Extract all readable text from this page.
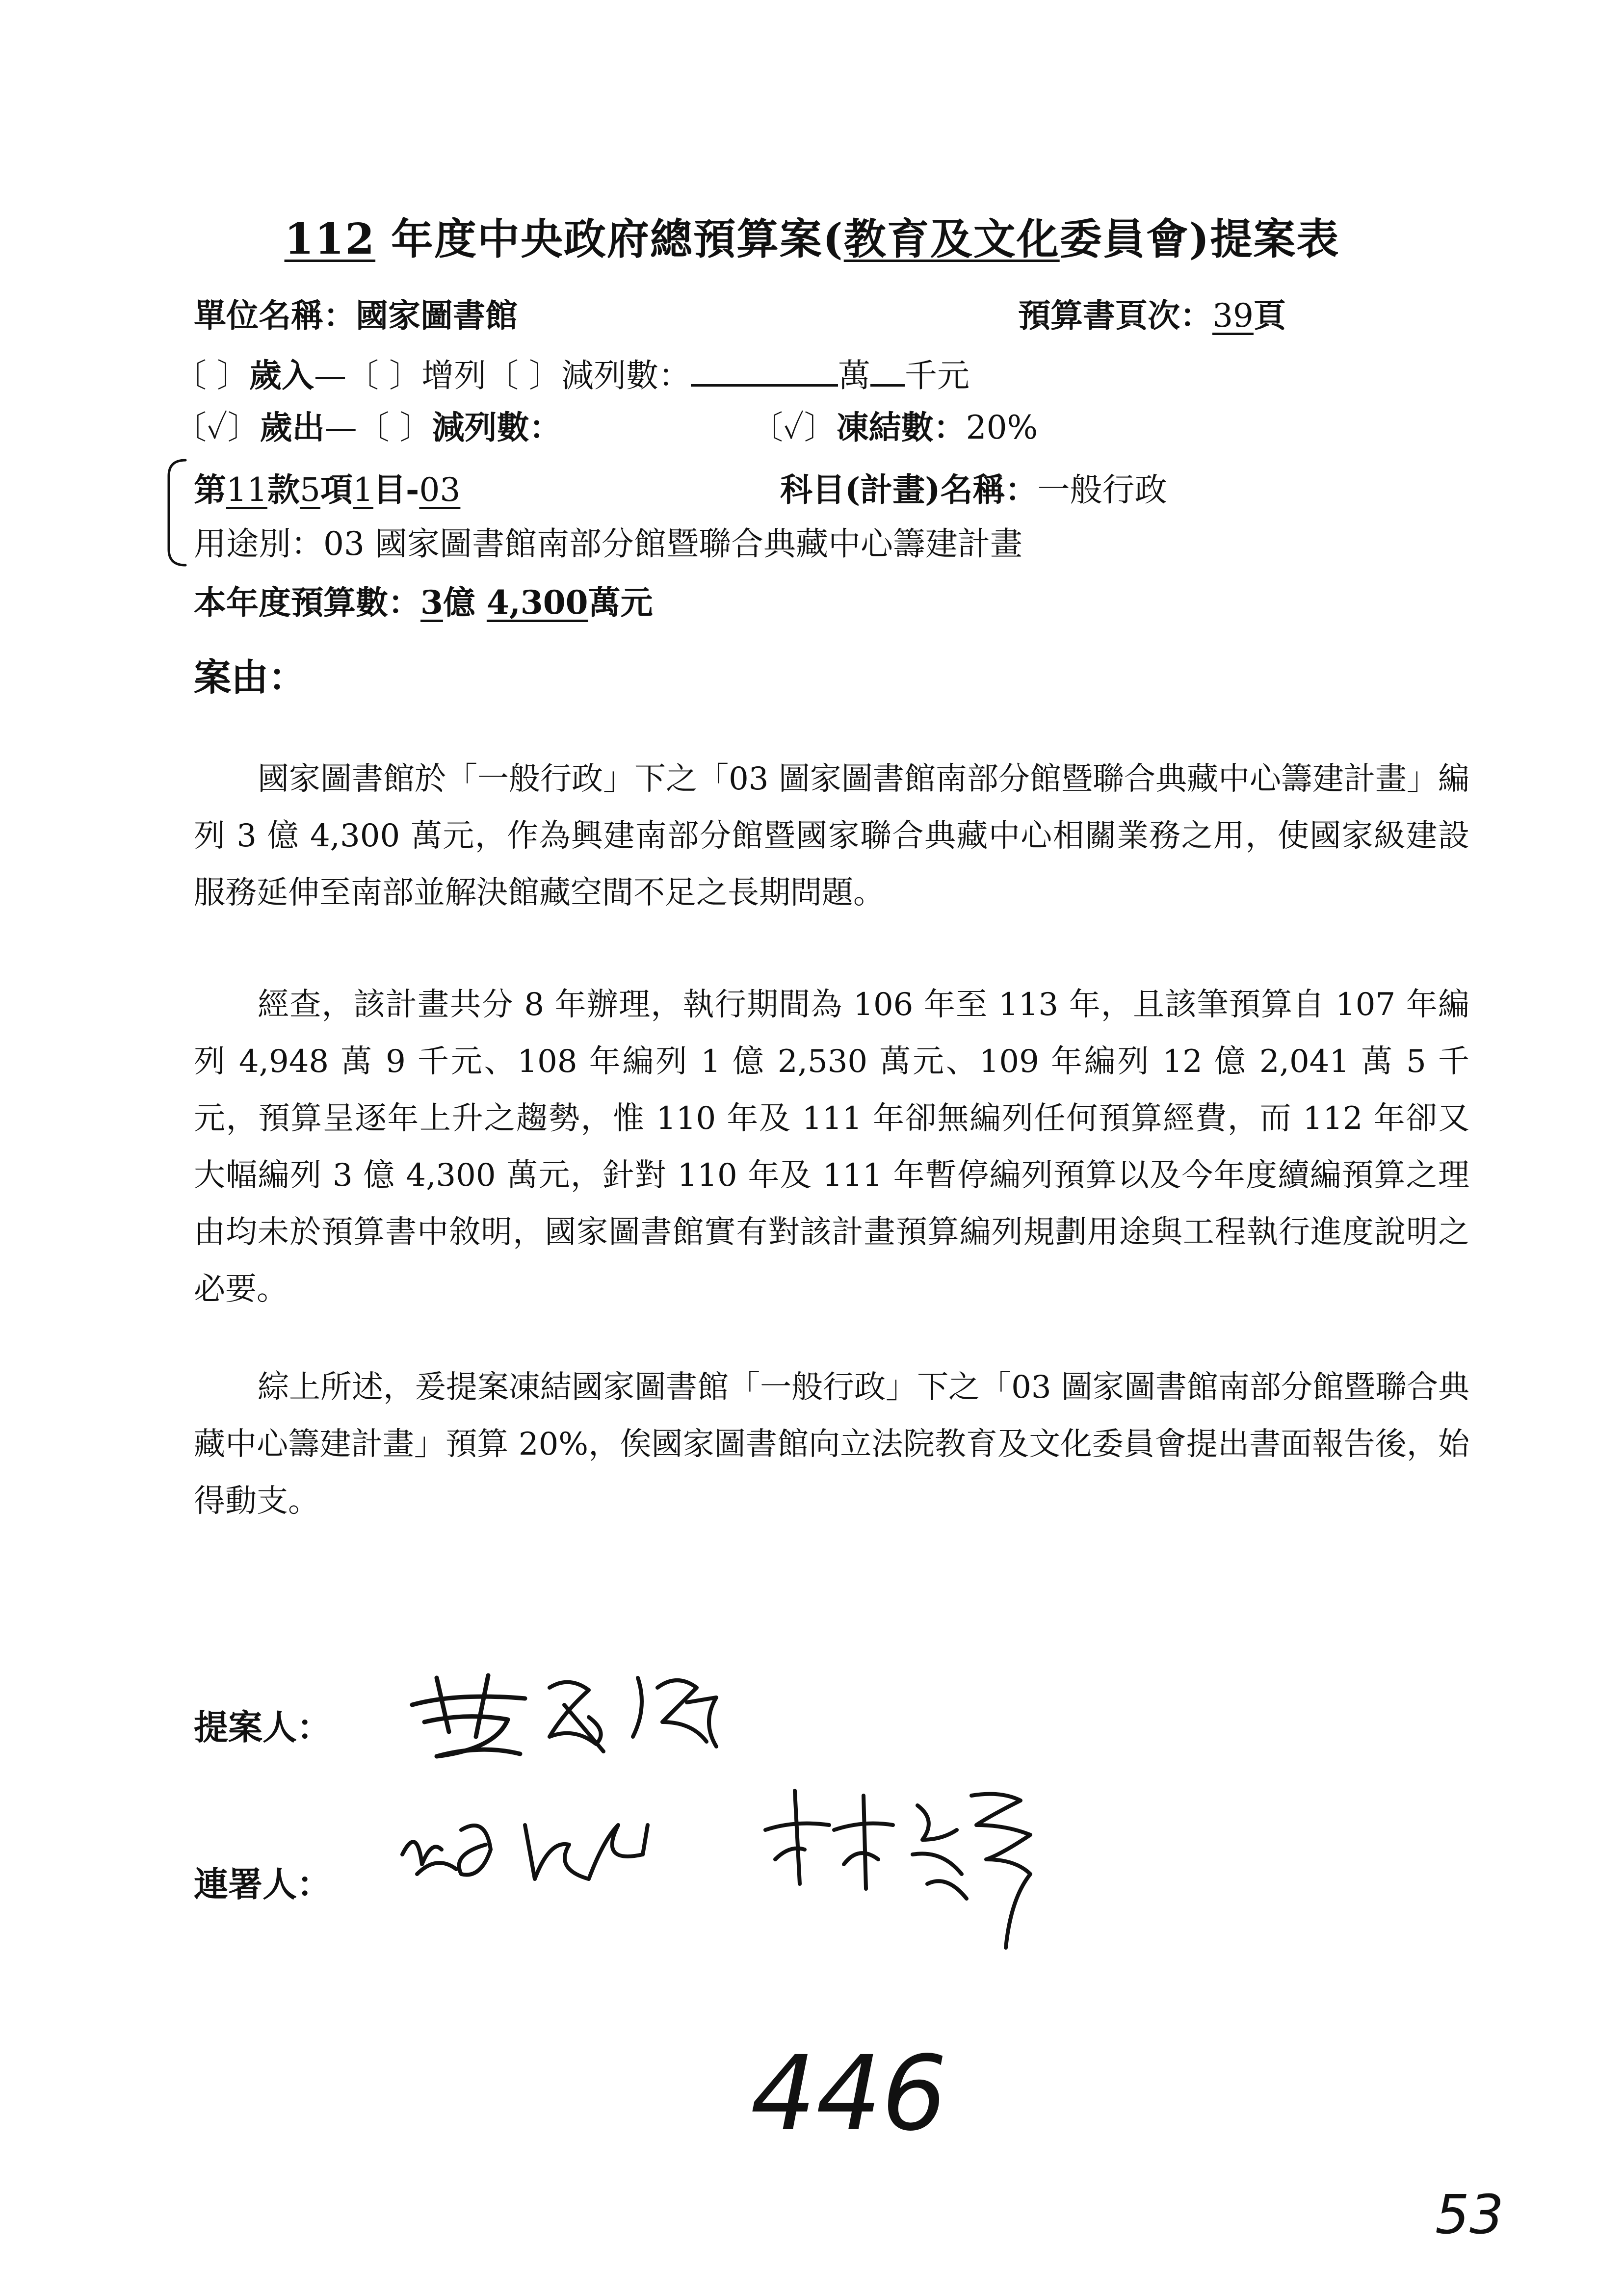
112 年度中央政府總預算案(教育及文化委員會)提案表
單位名稱：國家圖書館	預算書頁次：39頁
〔 〕歲入—〔 〕增列〔 〕減列數：	萬 千元
〔✓〕歲出—〔 〕減列數：	〔✓〕凍結數：20%
第11款5項1目-03	科目(計畫)名稱：一般行政
用途別：03 國家圖書館南部分館暨聯合典藏中心籌建計畫
本年度預算數：3億 4,300萬元
案由：
國家圖書館於「一般行政」下之「03 圖家圖書館南部分館暨聯合典藏中心籌建計畫」編列 3 億 4,300 萬元，作為興建南部分館暨國家聯合典藏中心相關業務之用，使國家級建設服務延伸至南部並解決館藏空間不足之長期問題。
經查，該計畫共分 8 年辦理，執行期間為 106 年至 113 年，且該筆預算自 107 年編列 4,948 萬 9 千元、108 年編列 1 億 2,530 萬元、109 年編列 12 億 2,041 萬 5 千元，預算呈逐年上升之趨勢，惟 110 年及 111 年卻無編列任何預算經費，而 112 年卻又大幅編列 3 億 4,300 萬元，針對 110 年及 111 年暫停編列預算以及今年度續編預算之理由均未於預算書中敘明，國家圖書館實有對該計畫預算編列規劃用途與工程執行進度說明之必要。
綜上所述，爰提案凍結國家圖書館「一般行政」下之「03 圖家圖書館南部分館暨聯合典藏中心籌建計畫」預算 20%，俟國家圖書館向立法院教育及文化委員會提出書面報告後，始得動支。
提案人：
連署人：
446
53
